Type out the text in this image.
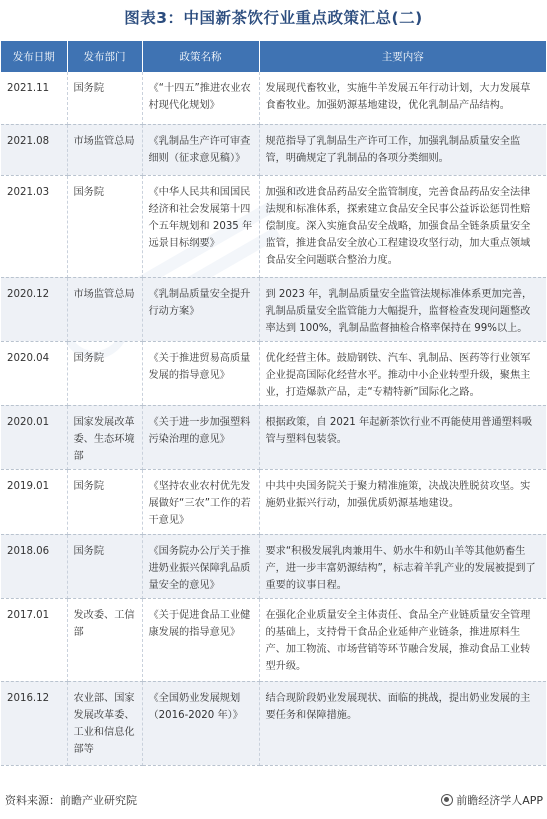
图表3：中国新茶饮行业重点政策汇总(二)
发布日期	发布部门	政策名称	主要内容
2021.11	国务院	《“十四五”推进农业农村现代化规划》	发展现代畜牧业，实施牛羊发展五年行动计划，大力发展草食畜牧业。加强奶源基地建设，优化乳制品产品结构。
2021.08	市场监管总局	《乳制品生产许可审查细则（征求意见稿）》	规范指导了乳制品生产许可工作，加强乳制品质量安全监管，明确规定了乳制品的各项分类细则。
2021.03	国务院	《中华人民共和国国民经济和社会发展第十四个五年规划和 2035 年远景目标纲要》	加强和改进食品药品安全监管制度，完善食品药品安全法律法规和标准体系，探索建立食品安全民事公益诉讼惩罚性赔偿制度。深入实施食品安全战略，加强食品全链条质量安全监管，推进食品安全放心工程建设攻坚行动，加大重点领域食品安全问题联合整治力度。
2020.12	市场监管总局	《乳制品质量安全提升行动方案》	到 2023 年，乳制品质量安全监管法规标准体系更加完善，乳制品质量安全监管能力大幅提升，监督检查发现问题整改率达到 100%，乳制品监督抽检合格率保持在 99%以上。
2020.04	国务院	《关于推进贸易高质量发展的指导意见》	优化经营主体。鼓励钢铁、汽车、乳制品、医药等行业领军企业提高国际化经营水平。推动中小企业转型升级，聚焦主业，打造爆款产品，走“专精特新”国际化之路。
2020.01	国家发展改革委、生态环境部	《关于进一步加强塑料污染治理的意见》	根据政策，自 2021 年起新茶饮行业不再能使用普通塑料吸管与塑料包装袋。
2019.01	国务院	《坚持农业农村优先发展做好“三农”工作的若干意见》	中共中央国务院关于聚力精准施策，决战决胜脱贫攻坚。实施奶业振兴行动，加强优质奶源基地建设。
2018.06	国务院	《国务院办公厅关于推进奶业振兴保障乳品质量安全的意见》	要求“积极发展乳肉兼用牛、奶水牛和奶山羊等其他奶畜生产，进一步丰富奶源结构”，标志着羊乳产业的发展被提到了重要的议事日程。
2017.01	发改委、工信部	《关于促进食品工业健康发展的指导意见》	在强化企业质量安全主体责任、食品全产业链质量安全管理的基础上，支持骨干食品企业延伸产业链条，推进原料生产、加工物流、市场营销等环节融合发展，推动食品工业转型升级。
2016.12	农业部、国家发展改革委、工业和信息化部等	《全国奶业发展规划（2016-2020 年）》	结合现阶段奶业发展现状、面临的挑战，提出奶业发展的主要任务和保障措施。
资料来源：前瞻产业研究院	前瞻经济学人APP
